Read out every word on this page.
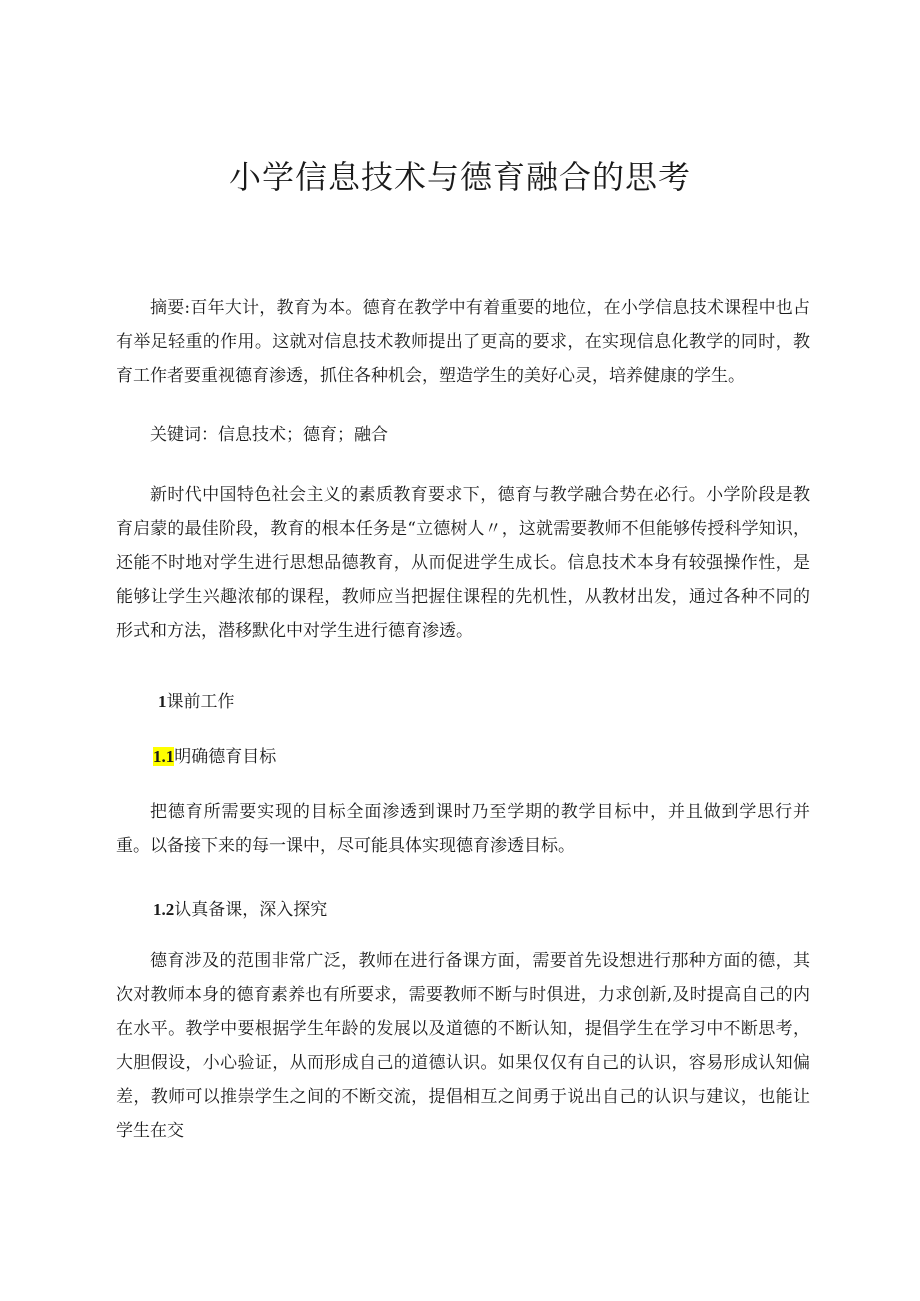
小学信息技术与德育融合的思考

摘要:百年大计，教育为本。德育在教学中有着重要的地位，在小学信息技术课程中也占有举足轻重的作用。这就对信息技术教师提出了更高的要求，在实现信息化教学的同时，教育工作者要重视德育渗透，抓住各种机会，塑造学生的美好心灵，培养健康的学生。

关键词：信息技术；德育；融合

新时代中国特色社会主义的素质教育要求下，德育与教学融合势在必行。小学阶段是教育启蒙的最佳阶段，教育的根本任务是“立德树人〃，这就需要教师不但能够传授科学知识，还能不时地对学生进行思想品德教育，从而促进学生成长。信息技术本身有较强操作性，是能够让学生兴趣浓郁的课程，教师应当把握住课程的先机性，从教材出发，通过各种不同的形式和方法，潜移默化中对学生进行德育渗透。

1课前工作

1.1明确德育目标

把德育所需要实现的目标全面渗透到课时乃至学期的教学目标中，并且做到学思行并重。以备接下来的每一课中，尽可能具体实现德育渗透目标。

1.2认真备课，深入探究

德育涉及的范围非常广泛，教师在进行备课方面，需要首先设想进行那种方面的德，其次对教师本身的德育素养也有所要求，需要教师不断与时俱进，力求创新,及时提高自己的内在水平。教学中要根据学生年龄的发展以及道德的不断认知，提倡学生在学习中不断思考，大胆假设，小心验证，从而形成自己的道德认识。如果仅仅有自己的认识，容易形成认知偏差，教师可以推崇学生之间的不断交流，提倡相互之间勇于说出自己的认识与建议，也能让学生在交
